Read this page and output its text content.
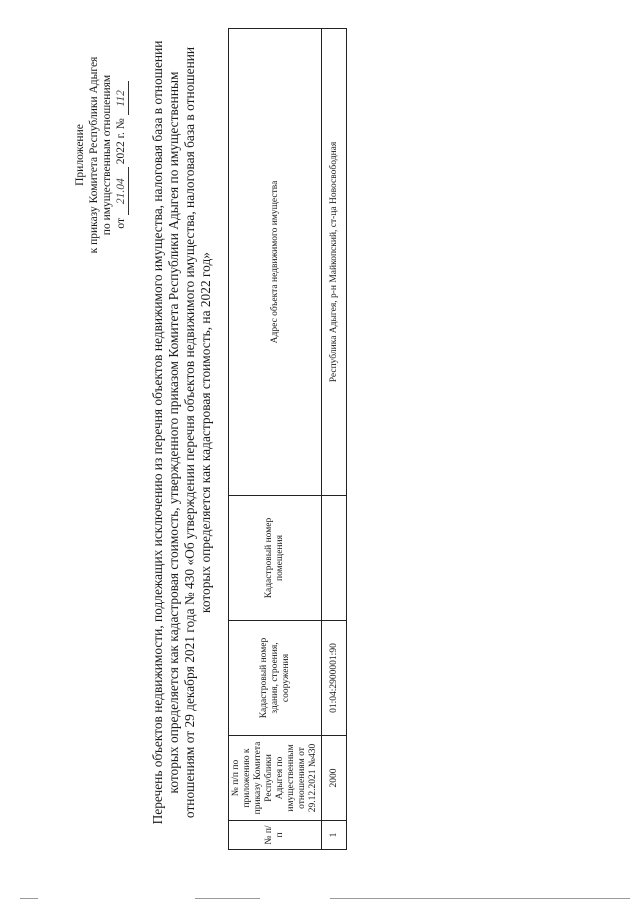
Приложение к приказу Комитета Республики Адыгея по имущественным отношениям от 21.04 2022 г. № 112 Перечень объектов недвижимости, подлежащих исключению из перечня объектов недвижимого имущества, налоговая база в отношении которых определяется как кадастровая стоимость, утвержденного приказом Комитета Республики Адыгея по имущественным отношениям от 29 декабря 2021 года № 430 «Об утверждении перечня объектов недвижимого имущества, налоговая база в отношении которых определяется как кадастровая стоимость, на 2022 год»
№ п/п	№ п/п по приложению к приказу Комитета Республики Адыгея по имущественным отношениям от 29.12.2021 №430	Кадастровый номер здания, строения, сооружения	Кадастровый номер помещения	Адрес объекта недвижимого имущества
1	2000	01:04:2900001:90		Республика Адыгея, р-н Майкопский, ст-ца Новосвободная
